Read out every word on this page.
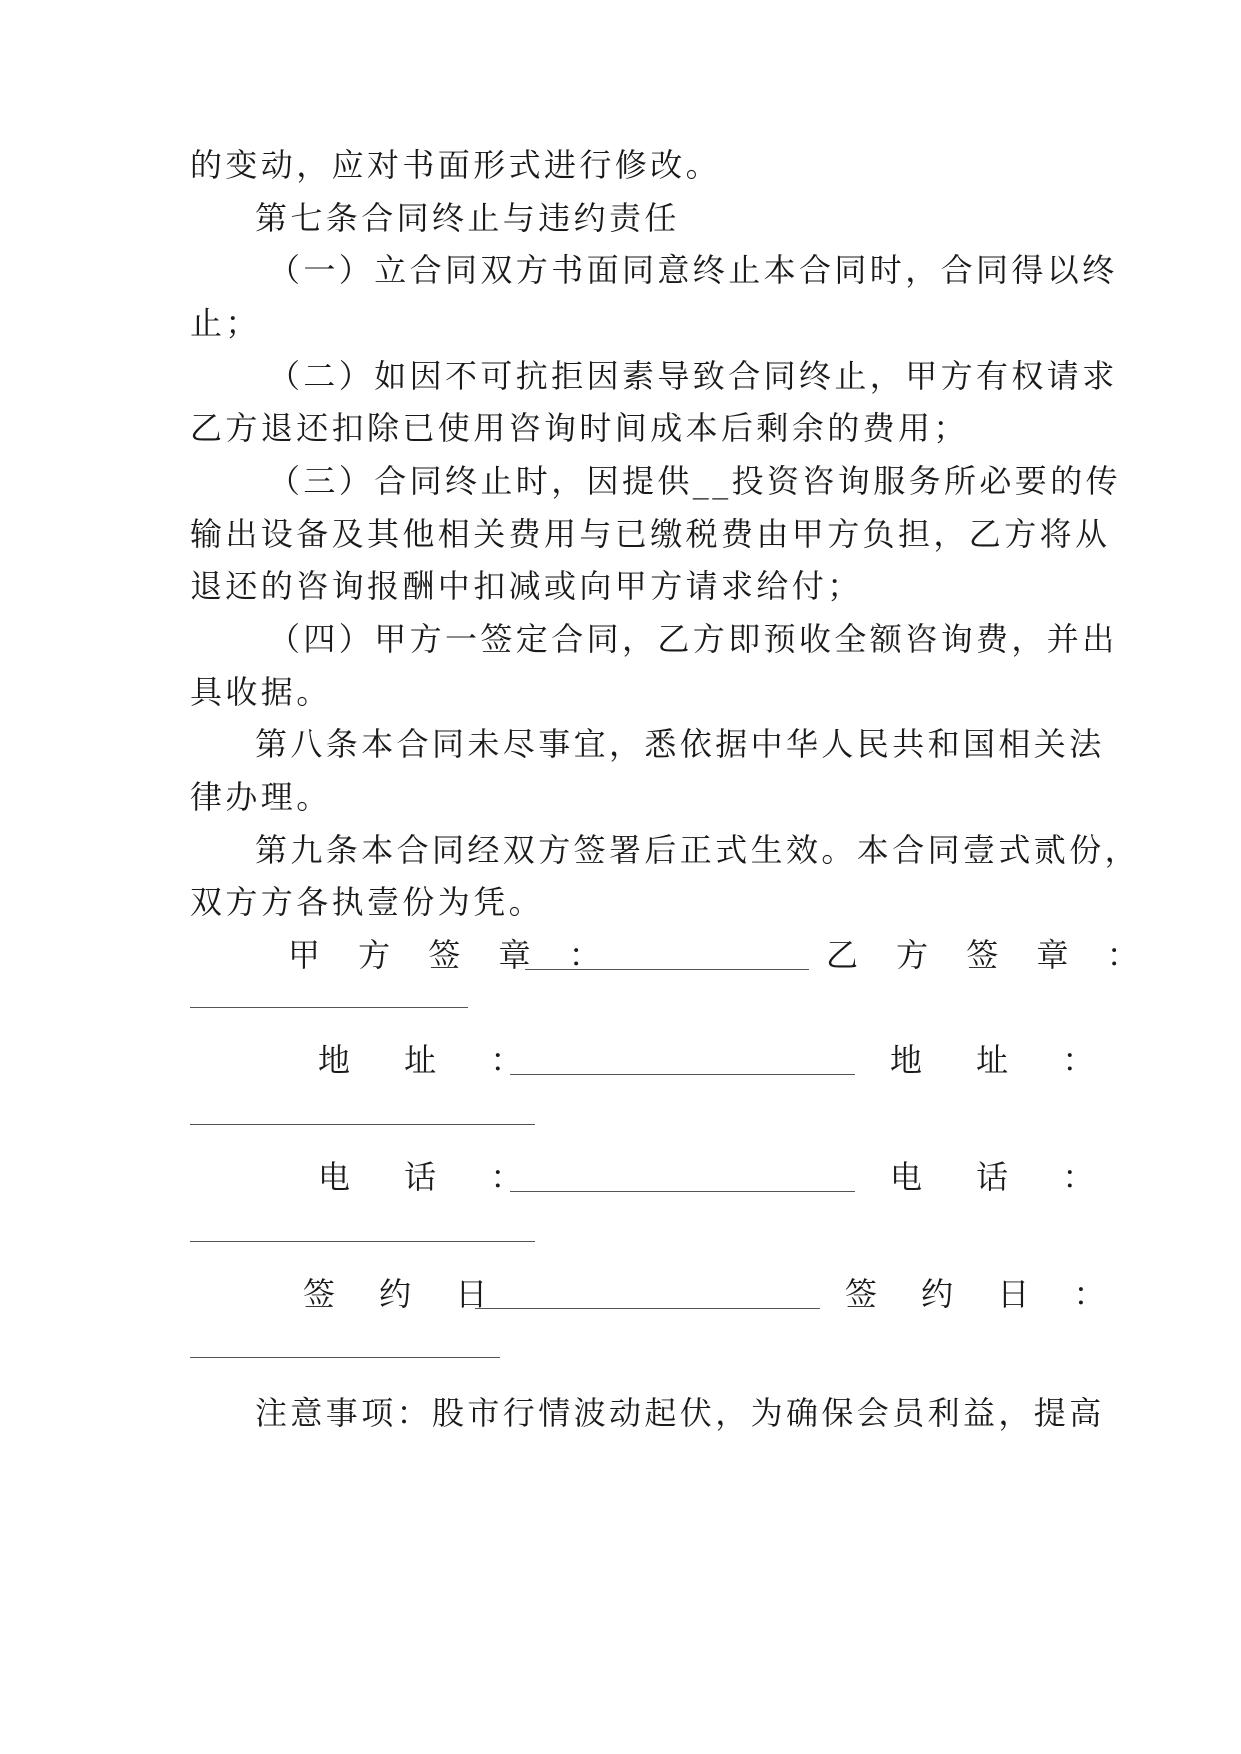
的变动，应对书面形式进行修改。
第七条合同终止与违约责任
（一）立合同双方书面同意终止本合同时，合同得以终
止；
（二）如因不可抗拒因素导致合同终止，甲方有权请求
乙方退还扣除已使用咨询时间成本后剩余的费用；
（三）合同终止时，因提供__投资咨询服务所必要的传
输出设备及其他相关费用与已缴税费由甲方负担，乙方将从
退还的咨询报酬中扣减或向甲方请求给付；
（四）甲方一签定合同，乙方即预收全额咨询费，并出
具收据。
第八条本合同未尽事宜，悉依据中华人民共和国相关法
律办理。
第九条本合同经双方签署后正式生效。本合同壹式贰份，
双方方各执壹份为凭。
甲 方 签 章 ：	乙 方 签 章 ：
地 址 ：	地 址 ：
电 话 ：	电 话 ：
签 约 日	签 约 日 ：
注意事项：股市行情波动起伏，为确保会员利益，提高
